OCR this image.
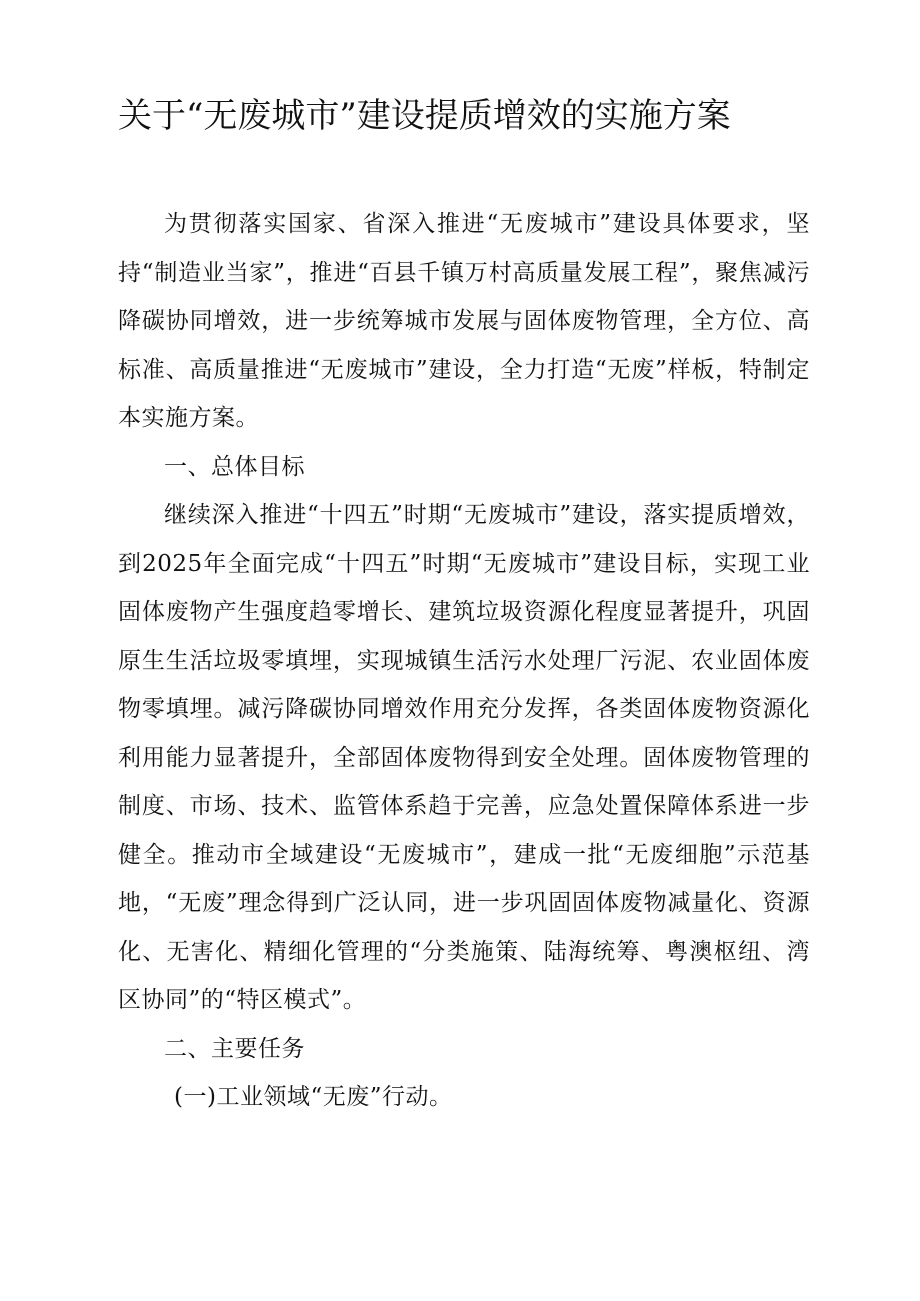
关于“无废城市”建设提质增效的实施方案

为贯彻落实国家、省深入推进“无废城市”建设具体要求，坚持“制造业当家”，推进“百县千镇万村高质量发展工程”，聚焦减污降碳协同增效，进一步统筹城市发展与固体废物管理，全方位、高标准、高质量推进“无废城市”建设，全力打造“无废”样板，特制定本实施方案。

一、总体目标

继续深入推进“十四五”时期“无废城市”建设，落实提质增效，到2025年全面完成“十四五”时期“无废城市”建设目标，实现工业固体废物产生强度趋零增长、建筑垃圾资源化程度显著提升，巩固原生生活垃圾零填埋，实现城镇生活污水处理厂污泥、农业固体废物零填埋。减污降碳协同增效作用充分发挥，各类固体废物资源化利用能力显著提升，全部固体废物得到安全处理。固体废物管理的制度、市场、技术、监管体系趋于完善，应急处置保障体系进一步健全。推动市全域建设“无废城市”，建成一批“无废细胞”示范基地，“无废”理念得到广泛认同，进一步巩固固体废物减量化、资源化、无害化、精细化管理的“分类施策、陆海统筹、粤澳枢纽、湾区协同”的“特区模式”。

二、主要任务

(一)工业领域“无废”行动。
